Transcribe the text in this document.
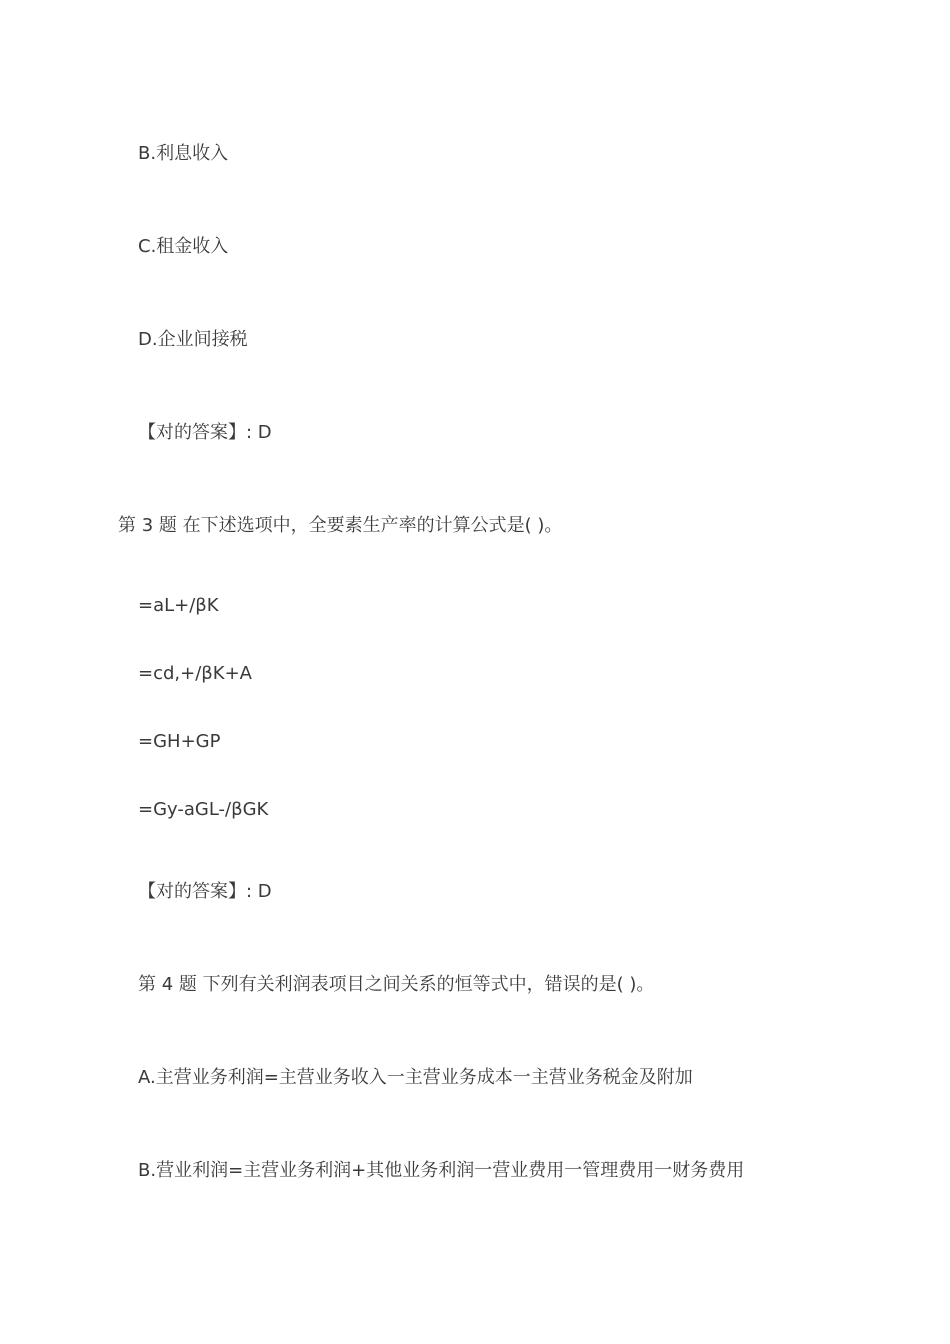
B.利息收入
C.租金收入
D.企业间接税
【对的答案】: D
第 3 题 在下述选项中，全要素生产率的计算公式是( )。
=aL+/βK
=cd,+/βK+A
=GH+GP
=Gy-aGL-/βGK
【对的答案】: D
第 4 题 下列有关利润表项目之间关系的恒等式中，错误的是( )。
A.主营业务利润=主营业务收入一主营业务成本一主营业务税金及附加
B.营业利润=主营业务利润+其他业务利润一营业费用一管理费用一财务费用
